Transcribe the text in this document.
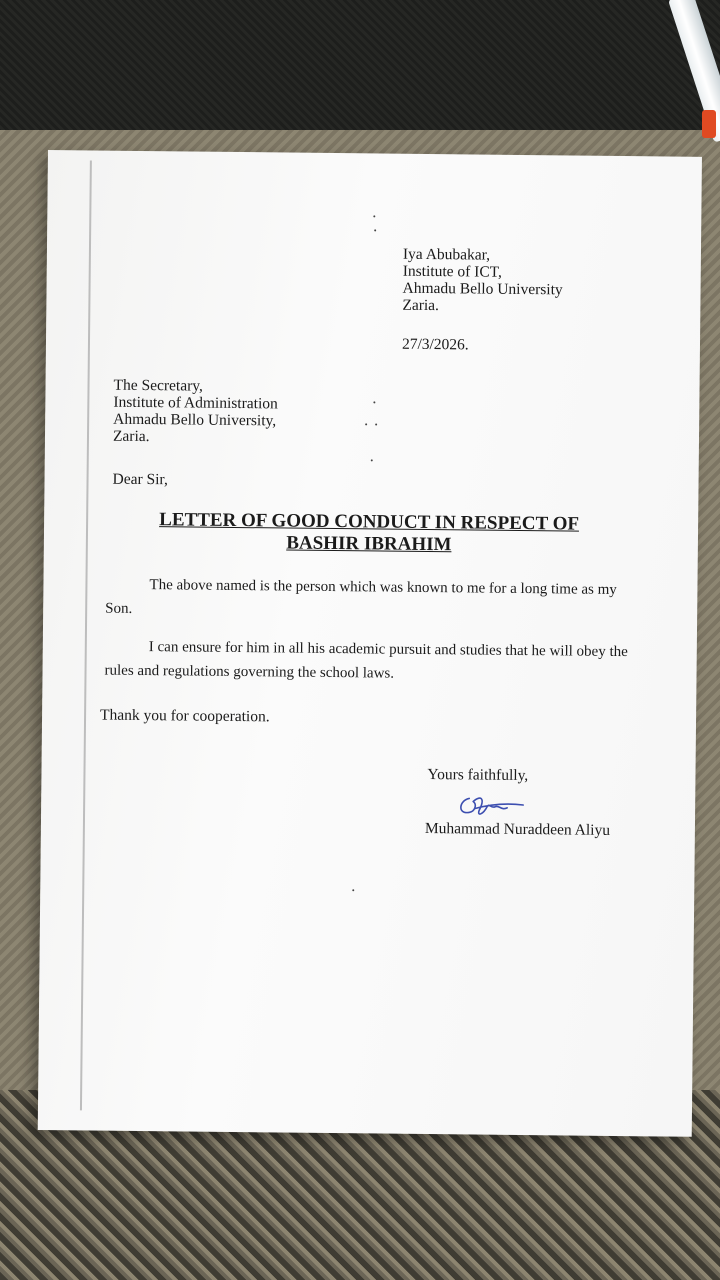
Iya Abubakar,
Institute of ICT,
Ahmadu Bello University
Zaria.
27/3/2026.
The Secretary,
Institute of Administration
Ahmadu Bello University,
Zaria.
Dear Sir,
LETTER OF GOOD CONDUCT IN RESPECT OF
BASHIR IBRAHIM
The above named is the person which was known to me for a long time as my Son.
I can ensure for him in all his academic pursuit and studies that he will obey the rules and regulations governing the school laws.
Thank you for cooperation.
Yours faithfully,
Muhammad Nuraddeen Aliyu
